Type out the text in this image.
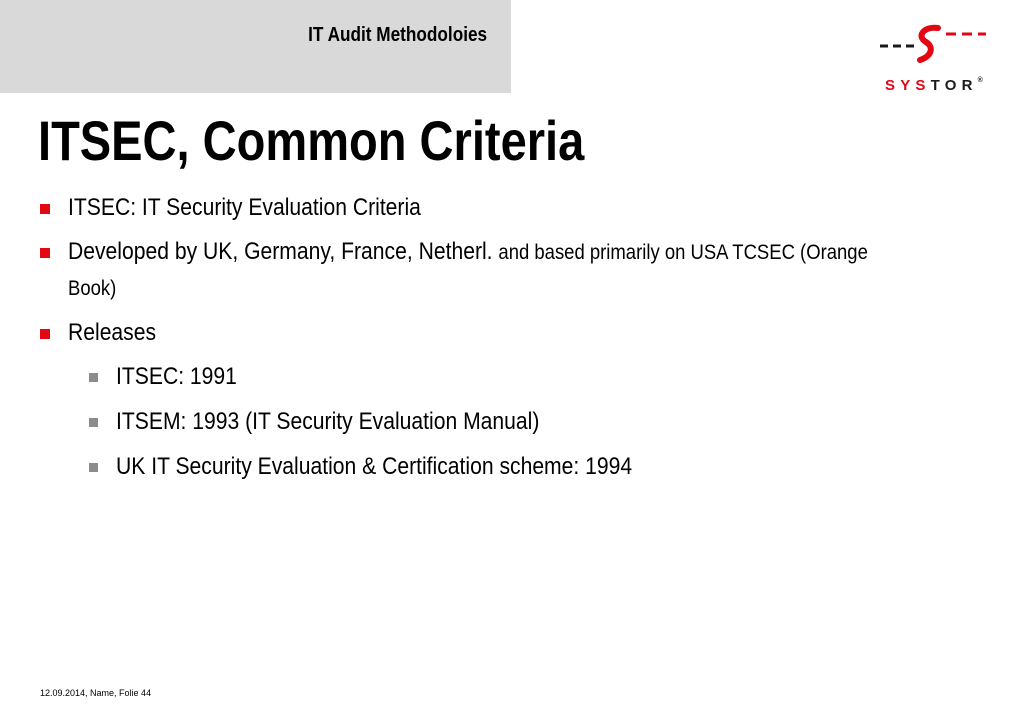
IT Audit Methodoloies
SYSTOR®
ITSEC, Common Criteria
ITSEC: IT Security Evaluation Criteria
Developed by UK, Germany, France, Netherl. and based primarily on USA TCSEC (Orange
Book)
Releases
ITSEC: 1991
ITSEM: 1993 (IT Security Evaluation Manual)
UK IT Security Evaluation & Certification scheme: 1994
12.09.2014, Name, Folie 44
